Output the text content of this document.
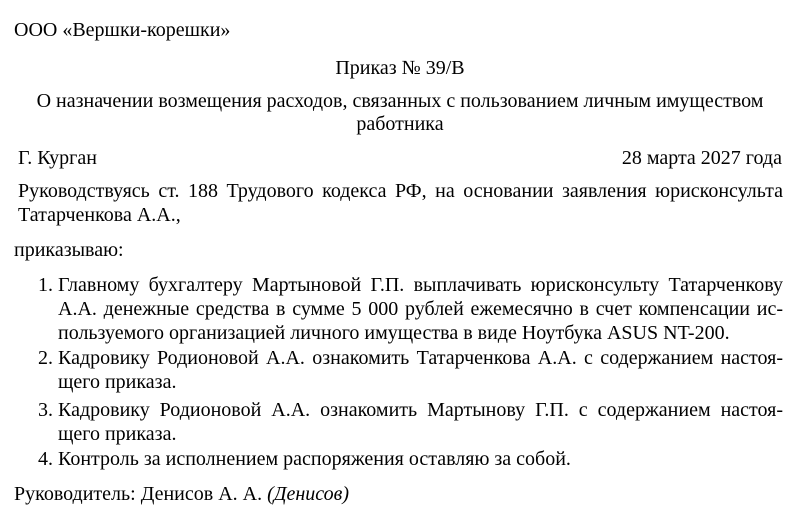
ООО «Вершки-корешки»
Приказ № 39/В
О назначении возмещения расходов, связанных с пользованием личным имуществом
работника
Г. Курган	28 марта 2027 года
Руководствуясь ст. 188 Трудового кодекса РФ, на основании заявления юрисконсульта
Татарченкова А.А.,
приказываю:
1. Главному бухгалтеру Мартыновой Г.П. выплачивать юрисконсульту Татарченкову
А.А. денежные средства в сумме 5 000 рублей ежемесячно в счет компенсации ис-
пользуемого организацией личного имущества в виде Ноутбука ASUS NT-200.
2. Кадровику Родионовой А.А. ознакомить Татарченкова А.А. с содержанием настоя-
щего приказа.
3. Кадровику Родионовой А.А. ознакомить Мартынову Г.П. с содержанием настоя-
щего приказа.
4. Контроль за исполнением распоряжения оставляю за собой.
Руководитель: Денисов А. А. (Денисов)
